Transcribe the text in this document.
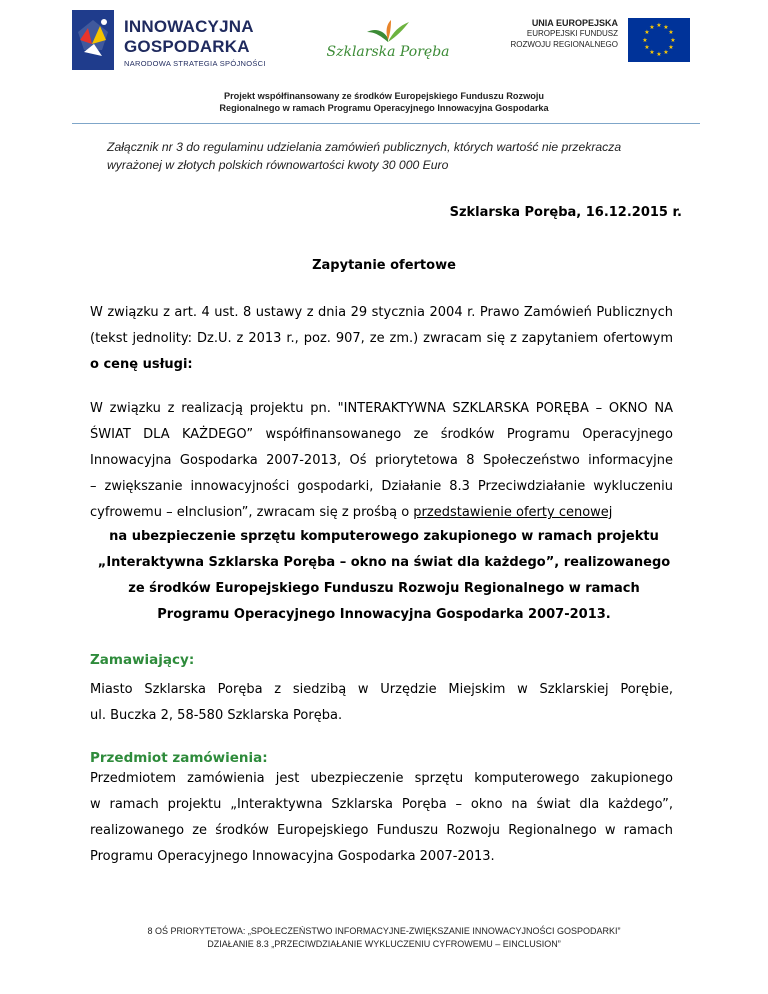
INNOWACYJNA
GOSPODARKA
NARODOWA STRATEGIA SPÓJNOŚCI
Szklarska Poręba
UNIA EUROPEJSKA
EUROPEJSKI FUNDUSZ
ROZWOJU REGIONALNEGO
★ ★
★
★
★
★
★
★
★
★
★
★
Projekt współfinansowany ze środków Europejskiego Funduszu Rozwoju
Regionalnego w ramach Programu Operacyjnego Innowacyjna Gospodarka
Załącznik nr 3 do regulaminu udzielania zamówień publicznych, których wartość nie przekracza
wyrażonej w złotych polskich równowartości kwoty 30 000 Euro
Szklarska Poręba, 16.12.2015 r.
Zapytanie ofertowe
W związku z art. 4 ust. 8 ustawy z dnia 29 stycznia 2004 r. Prawo Zamówień Publicznych
(tekst jednolity: Dz.U. z 2013 r., poz. 907, ze zm.) zwracam się z zapytaniem ofertowym
o cenę usługi:
W związku z realizacją projektu pn. "INTERAKTYWNA SZKLARSKA PORĘBA – OKNO NA
ŚWIAT DLA KAŻDEGO” współfinansowanego ze środków Programu Operacyjnego
Innowacyjna Gospodarka 2007-2013, Oś priorytetowa 8 Społeczeństwo informacyjne
– zwiększanie innowacyjności gospodarki, Działanie 8.3 Przeciwdziałanie wykluczeniu
cyfrowemu – eInclusion”, zwracam się z prośbą o przedstawienie oferty cenowej
na ubezpieczenie sprzętu komputerowego zakupionego w ramach projektu
„Interaktywna Szklarska Poręba – okno na świat dla każdego”, realizowanego
ze środków Europejskiego Funduszu Rozwoju Regionalnego w ramach
Programu Operacyjnego Innowacyjna Gospodarka 2007-2013.
Zamawiający:
Miasto Szklarska Poręba z siedzibą w Urzędzie Miejskim w Szklarskiej Porębie,
ul. Buczka 2, 58-580 Szklarska Poręba.
Przedmiot zamówienia:
Przedmiotem zamówienia jest ubezpieczenie sprzętu komputerowego zakupionego
w ramach projektu „Interaktywna Szklarska Poręba – okno na świat dla każdego”,
realizowanego ze środków Europejskiego Funduszu Rozwoju Regionalnego w ramach
Programu Operacyjnego Innowacyjna Gospodarka 2007-2013.
8 OŚ PRIORYTETOWA: „SPOŁECZEŃSTWO INFORMACYJNE-ZWIĘKSZANIE INNOWACYJNOŚCI GOSPODARKI”
DZIAŁANIE 8.3 „PRZECIWDZIAŁANIE WYKLUCZENIU CYFROWEMU – EINCLUSION”
